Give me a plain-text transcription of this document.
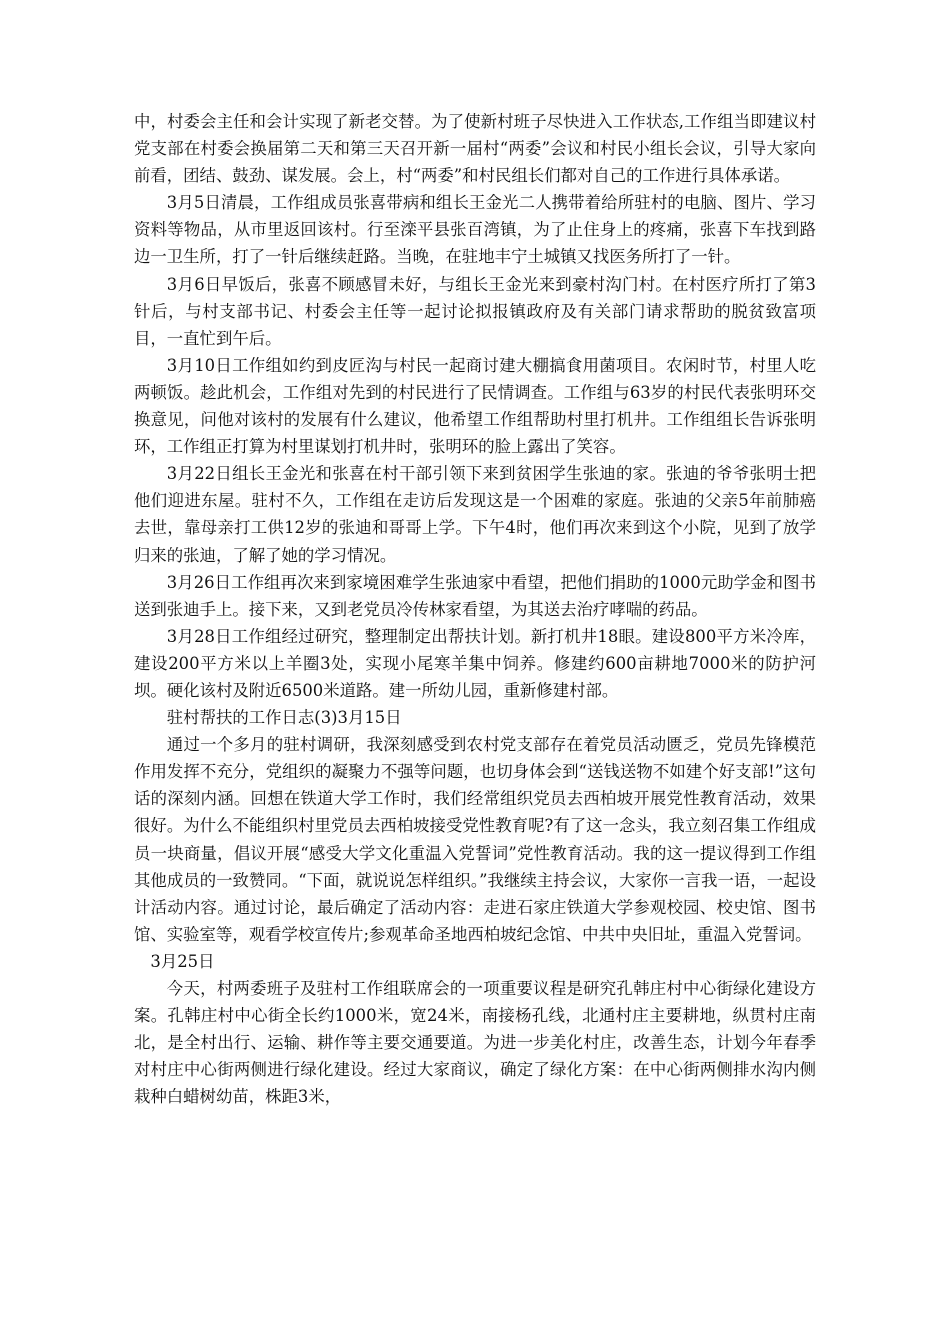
中，村委会主任和会计实现了新老交替。为了使新村班子尽快进入工作状态,工作组当即建议村党支部在村委会换届第二天和第三天召开新一届村“两委”会议和村民小组长会议，引导大家向前看，团结、鼓劲、谋发展。会上，村“两委”和村民组长们都对自己的工作进行具体承诺。

3月5日清晨，工作组成员张喜带病和组长王金光二人携带着给所驻村的电脑、图片、学习资料等物品，从市里返回该村。行至滦平县张百湾镇，为了止住身上的疼痛，张喜下车找到路边一卫生所，打了一针后继续赶路。当晚，在驻地丰宁土城镇又找医务所打了一针。

3月6日早饭后，张喜不顾感冒未好，与组长王金光来到豪村沟门村。在村医疗所打了第3针后，与村支部书记、村委会主任等一起讨论拟报镇政府及有关部门请求帮助的脱贫致富项目，一直忙到午后。

3月10日工作组如约到皮匠沟与村民一起商讨建大棚搞食用菌项目。农闲时节，村里人吃两顿饭。趁此机会，工作组对先到的村民进行了民情调查。工作组与63岁的村民代表张明环交换意见，问他对该村的发展有什么建议，他希望工作组帮助村里打机井。工作组组长告诉张明环，工作组正打算为村里谋划打机井时，张明环的脸上露出了笑容。

3月22日组长王金光和张喜在村干部引领下来到贫困学生张迪的家。张迪的爷爷张明士把他们迎进东屋。驻村不久，工作组在走访后发现这是一个困难的家庭。张迪的父亲5年前肺癌去世，靠母亲打工供12岁的张迪和哥哥上学。下午4时，他们再次来到这个小院，见到了放学归来的张迪，了解了她的学习情况。

3月26日工作组再次来到家境困难学生张迪家中看望，把他们捐助的1000元助学金和图书送到张迪手上。接下来，又到老党员冷传林家看望，为其送去治疗哮喘的药品。

3月28日工作组经过研究，整理制定出帮扶计划。新打机井18眼。建设800平方米冷库，建设200平方米以上羊圈3处，实现小尾寒羊集中饲养。修建约600亩耕地7000米的防护河坝。硬化该村及附近6500米道路。建一所幼儿园，重新修建村部。

驻村帮扶的工作日志(3)3月15日

通过一个多月的驻村调研，我深刻感受到农村党支部存在着党员活动匮乏，党员先锋模范作用发挥不充分，党组织的凝聚力不强等问题，也切身体会到“送钱送物不如建个好支部!”这句话的深刻内涵。回想在铁道大学工作时，我们经常组织党员去西柏坡开展党性教育活动，效果很好。为什么不能组织村里党员去西柏坡接受党性教育呢?有了这一念头，我立刻召集工作组成员一块商量，倡议开展“感受大学文化重温入党誓词”党性教育活动。我的这一提议得到工作组其他成员的一致赞同。“下面，就说说怎样组织。”我继续主持会议，大家你一言我一语，一起设计活动内容。通过讨论，最后确定了活动内容：走进石家庄铁道大学参观校园、校史馆、图书馆、实验室等，观看学校宣传片;参观革命圣地西柏坡纪念馆、中共中央旧址，重温入党誓词。

3月25日

今天，村两委班子及驻村工作组联席会的一项重要议程是研究孔韩庄村中心街绿化建设方案。孔韩庄村中心街全长约1000米，宽24米，南接杨孔线，北通村庄主要耕地，纵贯村庄南北，是全村出行、运输、耕作等主要交通要道。为进一步美化村庄，改善生态，计划今年春季对村庄中心街两侧进行绿化建设。经过大家商议，确定了绿化方案：在中心街两侧排水沟内侧栽种白蜡树幼苗，株距3米，
